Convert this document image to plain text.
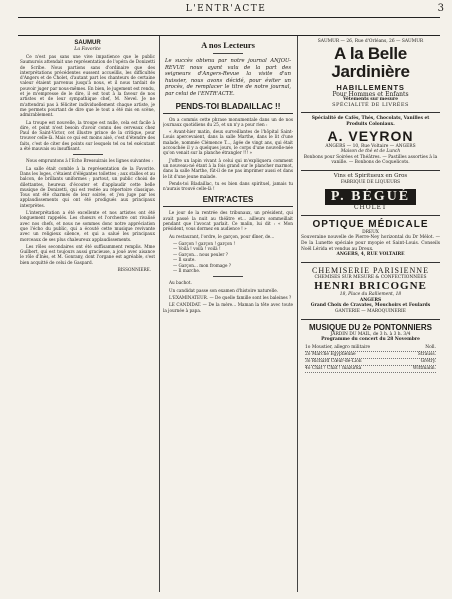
L'ENTR'ACTE	3
SAUMUR
La Favorite

Ce n'est pas sans une vive impatience que le public Saumurois attendait une représentation de l'opéra de Donizetti de Scribe. Nous partions sans d'ordinaire que des interprétations précédentes eussent accueillis, les difficultés d'Angers et de Cholet, d'autant part les chanteurs de certaine valeur étaient parvenus jusqu'à nous, et il nous tardait de pouvoir juger par nous-mêmes. En bien, le jugement est rendu, et je m'empresse de le dire, il est tout à la faveur de nos artistes et de leur sympathique chef, M. Nevel. Je ne m'attendrai pas à féliciter individuellement chaque artiste, je me permets pourtant de dire que le tout a été mis en scène, admirablement.

La troupe est nouvelle, la troupe est nulle, cela est facile à dire, et point n'est besoin d'avoir connu des cerveaux chez Paul de Saint-Victor, cet illustre prince de la critique, pour trouver celle-là. Mais ce qui est moins aisé, c'est d'étendre des faits, c'est de citer des points sur lesquels tel ou tel exécutant a été mauvais ou insuffisant.

Nous empruntons à l'Echo Bressuirais les lignes suivantes :

La salle était comble à la représentation de la Favorite. Dans les loges, c'étaient d'élégantes toilettes ; aux stalles et au balcon, de brillants uniformes ; partout, un public choisi de dilettantes, heureux d'écouter et d'applaudir cette belle musique de Donizetti, qui est restée au répertoire classique. Tous ont été charmés de leur soirée, et j'en juge par les applaudissements qui ont été prodigués aux principaux interprètes.

L'interprétation a été excellente et nos artistes ont été longuement rappelés. Les chœurs et l'orchestre ont rivalisé avec nos chefs, et nous ne sommes donc notre appréciation que l'écho du public, qui a écouté cette musique revivante avec un religieux silence, et qui a salué les principaux morceaux de ses plus chaleureux applaudissements.

Les rôles secondaires ont été suffisamment remplis. Mme Guilbert, qui est toujours aussi gracieuse, a joué avec aisance le rôle d'Inès, et M. Gonrany, dont l'organe est agréable, s'est bien acquitté de celui de Gaspard.

BISSONNIERE.
A nos Lecteurs
Le succès obtenu par notre journal ANJOU-REVUE nous ayant valu de la part des seigneurs d'Angers-Revue la visite d'un huissier, nous avons décidé, pour éviter un procès, de remplacer le titre de notre journal, par celui de l'ENTR'ACTE.
PENDS-TOI BLADAILLAC !!

On a commis cette phrase monumentale dans un de nos journaux quotidiens du 25, et un n'y a pour rien :

« Avant-hier matin, deux surveillantes de l'hôpital Saint-Louis apercevaient, dans la salle Marthe, dans le lit d'une malade, nommée Clémence T..., âgée de vingt ans, qui était accouchée il y a quelques jours, le corps d'une nouvelle-née qu'on venait sur la planche étrangler !!! »

J'offre un lapin vivant à celui qui m'expliquera comment un nouveau-né étant à la fois grand sur le plancher marmot, dans la salle Marthe, fût-il de ne pas imprimer aussi et dans le lit d'une jeune malade.

Pends-toi Bladaillac, tu es bien dans spirituel, jamais tu n'aurais trouvé celle-là !

ENTR'ACTES

Le jour de la rentrée des tribunaux, un président, qui avait passé la nuit au théâtre et... ailleurs sommeillait pendant que l'avocat parlait. Ce malin, lui dit : « Mon président, vous dormez en audience ! »

Au restaurant, l'ordre, le garçon, pour dîner, de...

— Garçon ! garçon ! garçon !
— Voilà ! voilà ! voilà !
— Garçon... nous peuler ?
— Il saute.
— Garçon... mon fromage ?
— Il marche.

Au bachot.

Un candidat passe son examen d'histoire naturelle.

L'EXAMINATEUR. — De quelle famille sont les baleines ?

LE CANDIDAT. — De la mère... Maman la tête avec toute la journée à papa.

SAUMUR — 26, Rue d'Orléans, 26 — SAUMUR
A la Belle Jardinière
HABILLEMENTS
Pour Hommes et Enfants
Vêtements sur mesure
SPÉCIALITÉ DE LIVRÉES
Spécialité de Cafés, Thés, Chocolats, Vanilles et Produits Coloniaux.
A. VEYRON
ANGERS — 10, Rue Voltaire — ANGERS
Maison de thé et de Lunch
Bonbons pour Soirées et Théâtres. — Pastilles assorties à la vanille. — Bonbons de Coquelicots.
Vins et Spiritueux en Gros
FABRIQUE DE LIQUEURS
P. BÉGUÉ
CHOLET
OPTIQUE MÉDICALE
DREUX
Souveraine nouvelle de Pierre-Ney horizontal du Dr Mélot. — De la Lunette spéciale pour myopie et Saint-Louis. Conseils Noël Lérida et vendus au Dreux.
ANGERS, 4, RUE VOLTAIRE
CHEMISERIE PARISIENNE
CHEMISES SUR MESURE & CONFECTIONNÉES
HENRI BRICOGNE
18, Place du Ralliement, 18
ANGERS
Grand Choix de Cravates, Mouchoirs et Foulards
GANTERIE — MAROQUINERIE
MUSIQUE DU 2e PONTONNIERS
JARDIN DU MAIL, de 3 h. à 3 h. 3/4
Programme du concert du 28 Novembre
1o Moustier, allegro militaire	Noll.
2o Marche Egyptienne	Strauss.
3o Richard Cœur-de-Lion	Grétry.
4o Chat ! Chat ! mazurka	Wittmann.
